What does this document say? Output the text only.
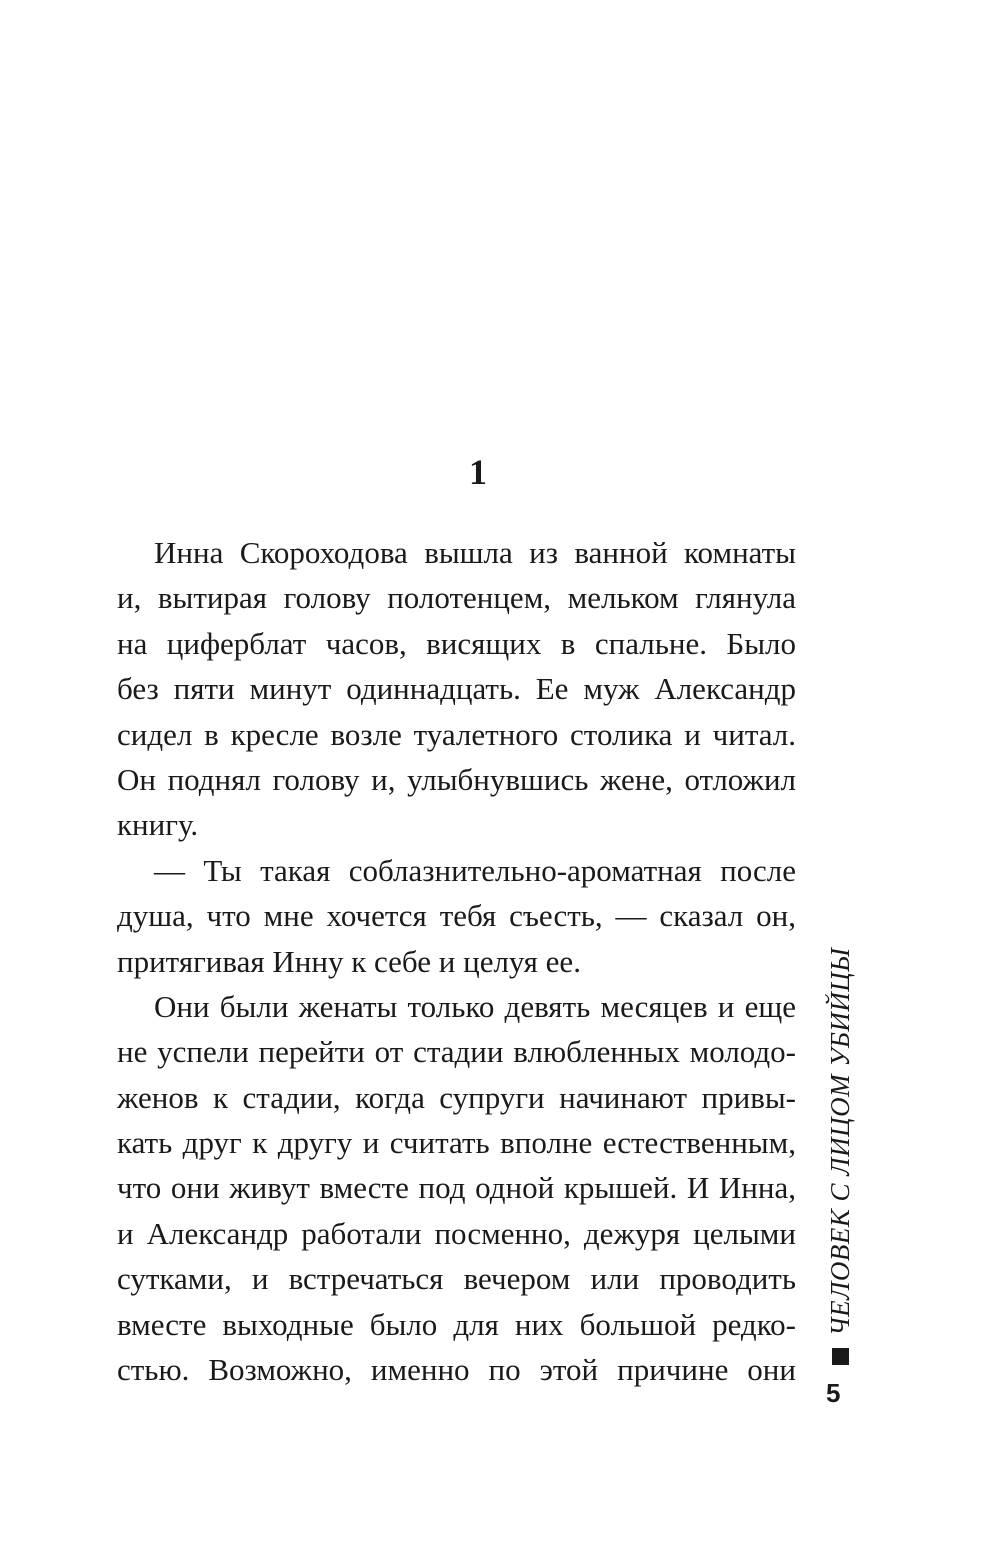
1
Инна Скороходова вышла из ванной комнаты
и, вытирая голову полотенцем, мельком глянула
на циферблат часов, висящих в спальне. Было
без пяти минут одиннадцать. Ее муж Александр
сидел в кресле возле туалетного столика и читал.
Он поднял голову и, улыбнувшись жене, отложил
книгу.
— Ты такая соблазнительно-ароматная после
душа, что мне хочется тебя съесть, — сказал он,
притягивая Инну к себе и целуя ее.
Они были женаты только девять месяцев и еще
не успели перейти от стадии влюбленных молодо-
женов к стадии, когда супруги начинают привы-
кать друг к другу и считать вполне естественным,
что они живут вместе под одной крышей. И Инна,
и Александр работали посменно, дежуря целыми
сутками, и встречаться вечером или проводить
вместе выходные было для них большой редко-
стью. Возможно, именно по этой причине они
ЧЕЛОВЕК С ЛИЦОМ УБИЙЦЫ
5
